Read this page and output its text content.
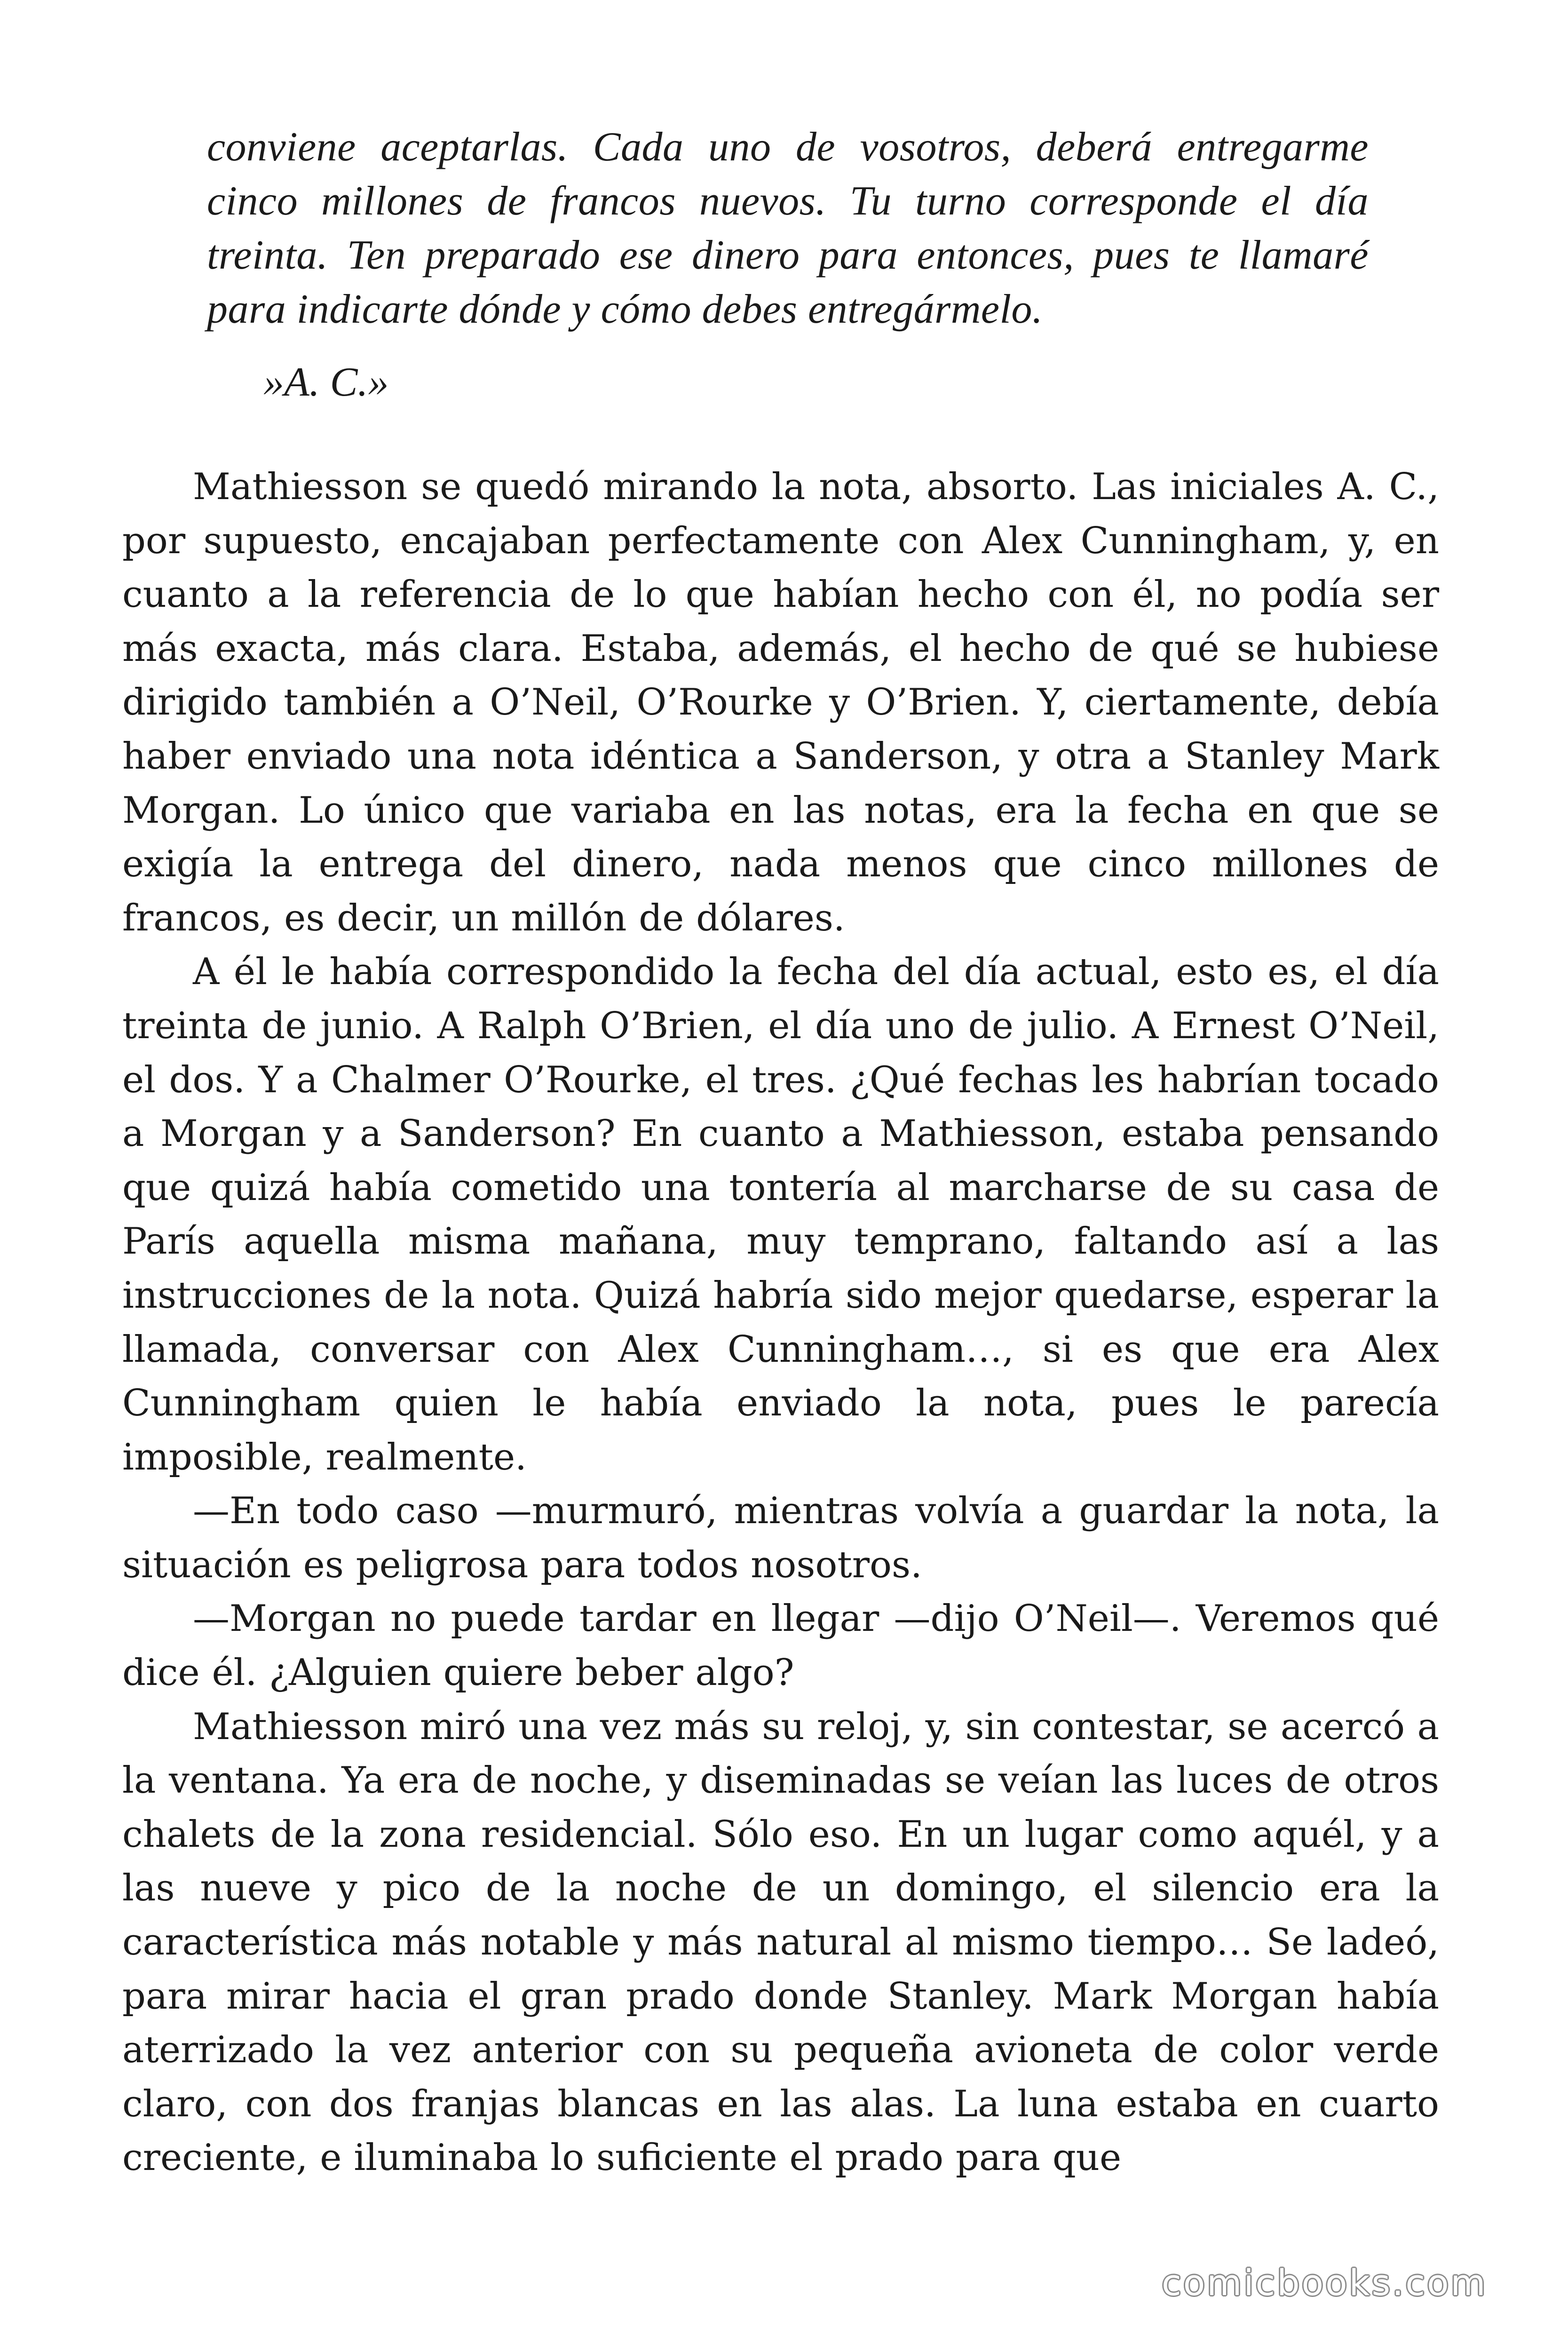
conviene aceptarlas. Cada uno de vosotros, deberá entregarme cinco millones de francos nuevos. Tu turno corresponde el día treinta. Ten preparado ese dinero para entonces, pues te llamaré para indicarte dónde y cómo debes entregármelo.

»A. C.»

Mathiesson se quedó mirando la nota, absorto. Las iniciales A. C., por supuesto, encajaban perfectamente con Alex Cunningham, y, en cuanto a la referencia de lo que habían hecho con él, no podía ser más exacta, más clara. Estaba, además, el hecho de qué se hubiese dirigido también a O’Neil, O’Rourke y O’Brien. Y, ciertamente, debía haber enviado una nota idéntica a Sanderson, y otra a Stanley Mark Morgan. Lo único que variaba en las notas, era la fecha en que se exigía la entrega del dinero, nada menos que cinco millones de francos, es decir, un millón de dólares.

A él le había correspondido la fecha del día actual, esto es, el día treinta de junio. A Ralph O’Brien, el día uno de julio. A Ernest O’Neil, el dos. Y a Chalmer O’Rourke, el tres. ¿Qué fechas les habrían tocado a Morgan y a Sanderson? En cuanto a Mathiesson, estaba pensando que quizá había cometido una tontería al marcharse de su casa de París aquella misma mañana, muy temprano, faltando así a las instrucciones de la nota. Quizá habría sido mejor quedarse, esperar la llamada, conversar con Alex Cunningham…, si es que era Alex Cunningham quien le había enviado la nota, pues le parecía imposible, realmente.

—En todo caso —murmuró, mientras volvía a guardar la nota, la situación es peligrosa para todos nosotros.

—Morgan no puede tardar en llegar —dijo O’Neil—. Veremos qué dice él. ¿Alguien quiere beber algo?

Mathiesson miró una vez más su reloj, y, sin contestar, se acercó a la ventana. Ya era de noche, y diseminadas se veían las luces de otros chalets de la zona residencial. Sólo eso. En un lugar como aquél, y a las nueve y pico de la noche de un domingo, el silencio era la característica más notable y más natural al mismo tiempo… Se ladeó, para mirar hacia el gran prado donde Stanley. Mark Morgan había aterrizado la vez anterior con su pequeña avioneta de color verde claro, con dos franjas blancas en las alas. La luna estaba en cuarto creciente, e iluminaba lo suficiente el prado para que

comicbooks.com
